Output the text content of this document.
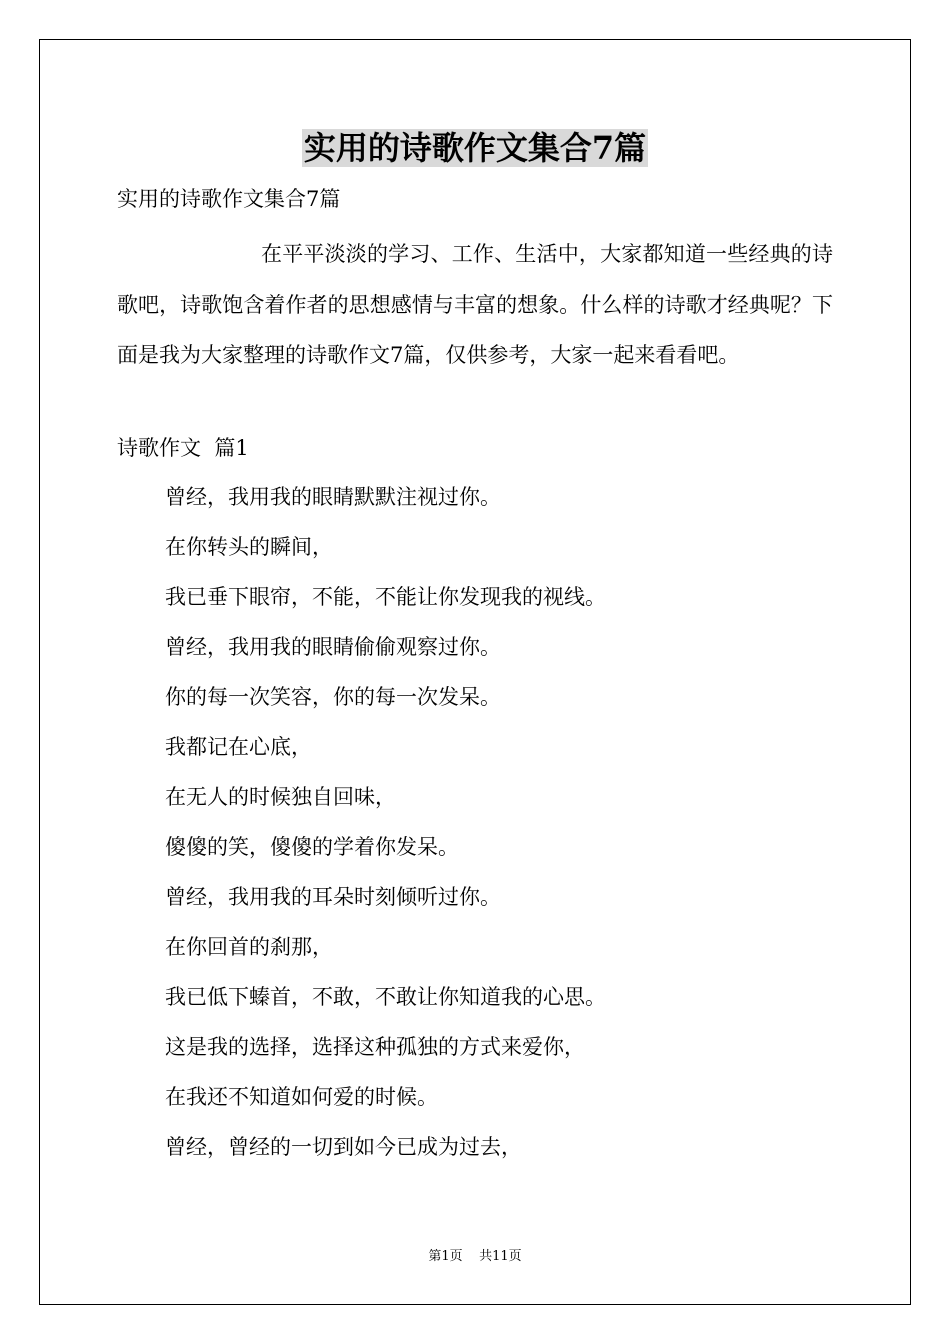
实用的诗歌作文集合7篇

实用的诗歌作文集合7篇

在平平淡淡的学习、工作、生活中，大家都知道一些经典的诗歌吧，诗歌饱含着作者的思想感情与丰富的想象。什么样的诗歌才经典呢？下面是我为大家整理的诗歌作文7篇，仅供参考，大家一起来看看吧。

诗歌作文  篇1

曾经，我用我的眼睛默默注视过你。
在你转头的瞬间，
我已垂下眼帘，不能，不能让你发现我的视线。
曾经，我用我的眼睛偷偷观察过你。
你的每一次笑容，你的每一次发呆。
我都记在心底，
在无人的时候独自回味，
傻傻的笑，傻傻的学着你发呆。
曾经，我用我的耳朵时刻倾听过你。
在你回首的刹那，
我已低下螓首，不敢，不敢让你知道我的心思。
这是我的选择，选择这种孤独的方式来爱你，
在我还不知道如何爱的时候。
曾经，曾经的一切到如今已成为过去，
第1页    共11页
